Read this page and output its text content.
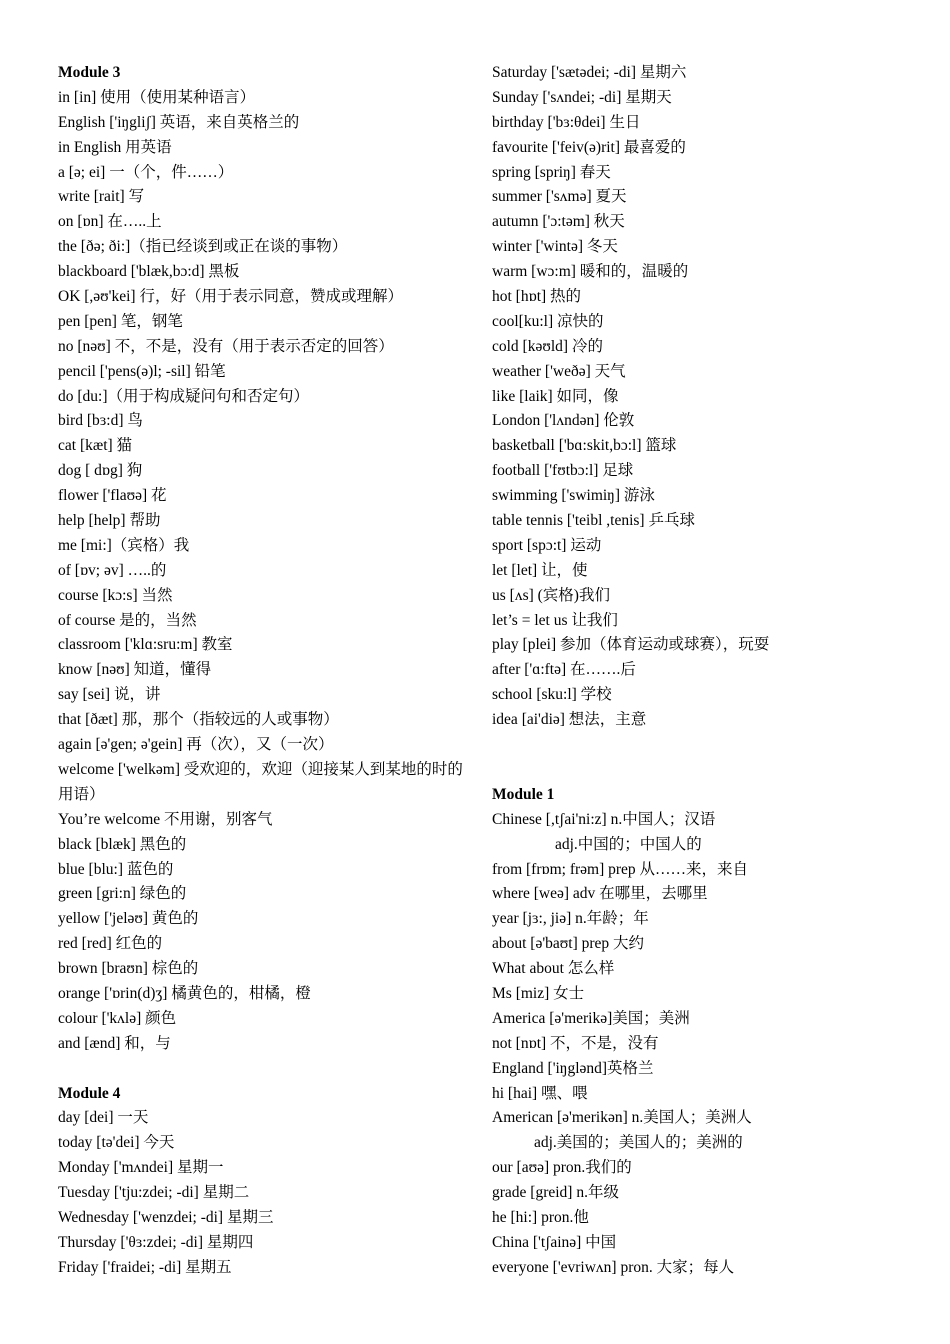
Module 3
in [in] 使用（使用某种语言）
English ['iŋgliʃ] 英语，来自英格兰的
in English 用英语
a [ə; ei] 一（个，件……）
write [rait] 写
on [ɒn] 在…..上
the [ðə; ði:]（指已经谈到或正在谈的事物）
blackboard ['blæk,bɔ:d] 黑板
OK [,əʊ'kei] 行，好（用于表示同意，赞成或理解）
pen [pen] 笔，钢笔
no [nəʊ] 不，不是，没有（用于表示否定的回答）
pencil ['pens(ə)l; -sil] 铅笔
do [du:]（用于构成疑问句和否定句）
bird [bɜ:d] 鸟
cat [kæt] 猫
dog [ dɒg] 狗
flower ['flaʊə] 花
help [help] 帮助
me [mi:]（宾格）我
of [ɒv; əv] …..的
course [kɔ:s] 当然
of course 是的，当然
classroom ['klɑ:sru:m] 教室
know [nəʊ] 知道，懂得
say [sei] 说，讲
that [ðæt] 那，那个（指较远的人或事物）
again [ə'gen; ə'gein] 再（次），又（一次）
welcome ['welkəm] 受欢迎的，欢迎（迎接某人到某地的时的用语）
You’re welcome 不用谢，别客气
black [blæk] 黑色的
blue [blu:] 蓝色的
green [gri:n] 绿色的
yellow ['jeləʊ] 黄色的
red [red] 红色的
brown [braʊn] 棕色的
orange ['ɒrin(d)ʒ] 橘黄色的，柑橘，橙
colour ['kʌlə] 颜色
and [ænd] 和，与
Module 4
day [dei] 一天
today [tə'dei] 今天
Monday ['mʌndei] 星期一
Tuesday ['tju:zdei; -di] 星期二
Wednesday ['wenzdei; -di] 星期三
Thursday ['θɜ:zdei; -di] 星期四
Friday ['fraidei; -di] 星期五
Saturday ['sætədei; -di] 星期六
Sunday ['sʌndei; -di] 星期天
birthday ['bɜ:θdei] 生日
favourite ['feiv(ə)rit] 最喜爱的
spring [spriŋ] 春天
summer ['sʌmə] 夏天
autumn ['ɔ:təm] 秋天
winter ['wintə] 冬天
warm [wɔ:m] 暖和的，温暖的
hot [hɒt] 热的
cool[ku:l] 凉快的
cold [kəʊld] 冷的
weather ['weðə] 天气
like [laik] 如同，像
London ['lʌndən] 伦敦
basketball ['bɑ:skit,bɔ:l] 篮球
football ['fʊtbɔ:l] 足球
swimming ['swimiŋ] 游泳
table tennis ['teibl ,tenis] 乒乓球
sport [spɔ:t] 运动
let [let] 让，使
us [ʌs] (宾格)我们
let’s = let us 让我们
play [plei] 参加（体育运动或球赛），玩耍
after ['ɑ:ftə] 在…….后
school [sku:l] 学校
idea [ai'diə] 想法，主意
Module 1
Chinese [,tʃai'ni:z] n.中国人；汉语
adj.中国的；中国人的
from [frɒm; frəm] prep 从……来，来自
where [weə] adv 在哪里，去哪里
year [jɜ:, jiə] n.年龄；年
about [ə'baʊt] prep 大约
What about 怎么样
Ms [miz] 女士
America [ə'merikə]美国；美洲
not [nɒt] 不，不是，没有
England ['iŋglənd]英格兰
hi [hai] 嘿、喂
American [ə'merikən] n.美国人；美洲人
adj.美国的；美国人的；美洲的
our [aʊə] pron.我们的
grade [greid] n.年级
he [hi:] pron.他
China ['tʃainə] 中国
everyone ['evriwʌn] pron. 大家；每人
